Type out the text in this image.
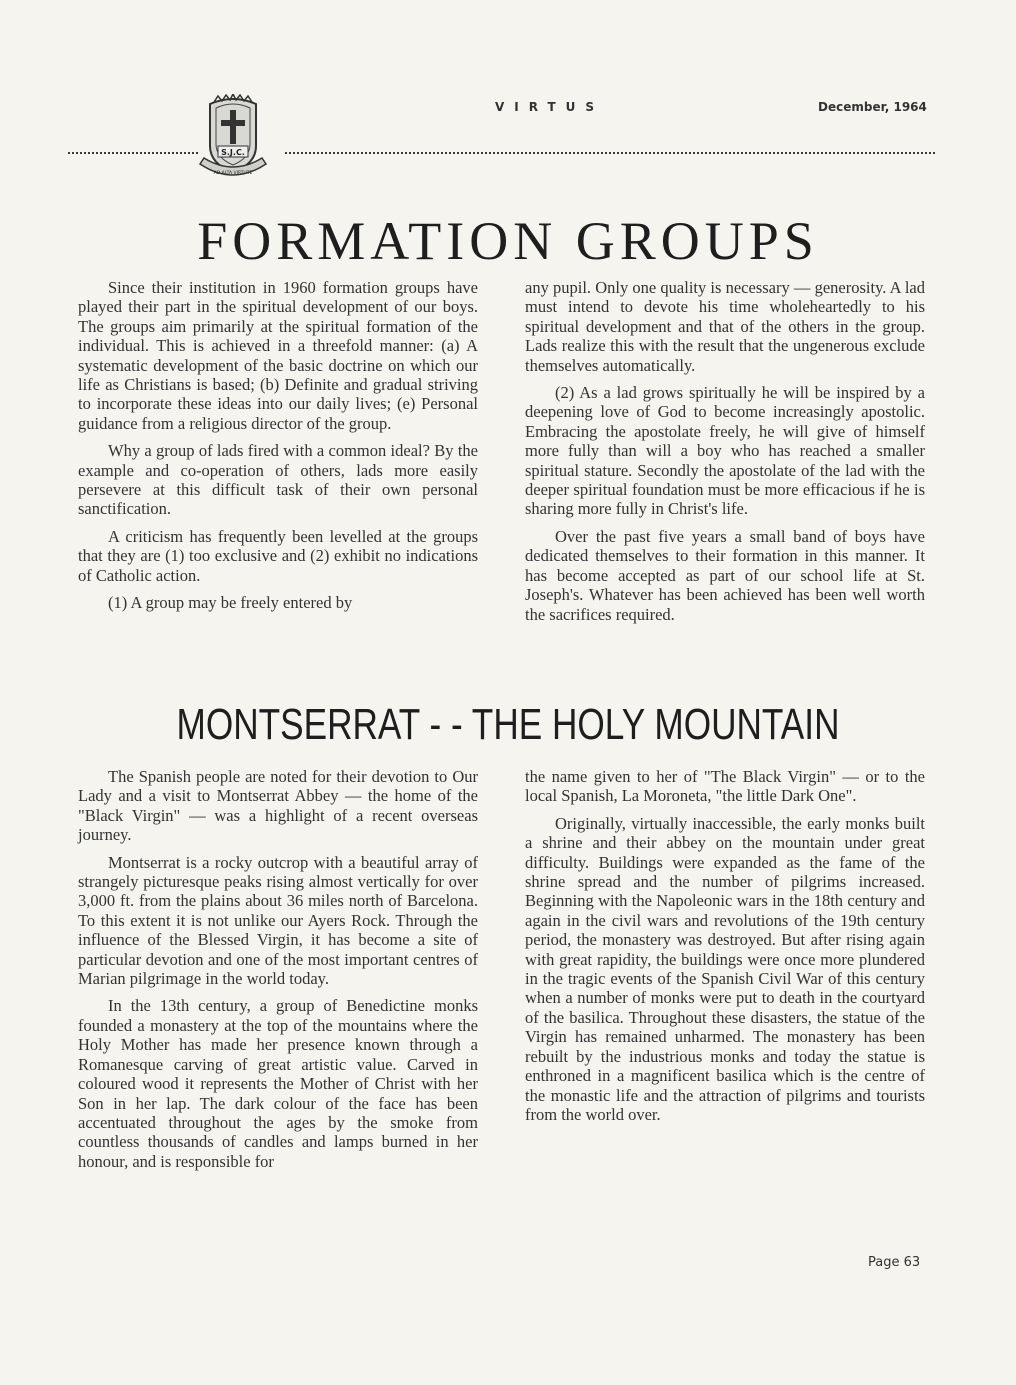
S.J.C.
AD ALTA VIRTUTE
VIRTUS	December, 1964
FORMATION GROUPS

Since their institution in 1960 formation groups have played their part in the spiritual development of our boys. The groups aim primarily at the spiritual formation of the individual. This is achieved in a threefold manner: (a) A systematic development of the basic doctrine on which our life as Christians is based; (b) Definite and gradual striving to incorporate these ideas into our daily lives; (e) Personal guidance from a religious director of the group.

Why a group of lads fired with a common ideal? By the example and co-operation of others, lads more easily persevere at this difficult task of their own personal sanctification.

A criticism has frequently been levelled at the groups that they are (1) too exclusive and (2) exhibit no indications of Catholic action.

(1) A group may be freely entered by

any pupil. Only one quality is necessary — generosity. A lad must intend to devote his time wholeheartedly to his spiritual development and that of the others in the group. Lads realize this with the result that the ungenerous exclude themselves automatically.

(2) As a lad grows spiritually he will be inspired by a deepening love of God to become increasingly apostolic. Embracing the apostolate freely, he will give of himself more fully than will a boy who has reached a smaller spiritual stature. Secondly the apostolate of the lad with the deeper spiritual foundation must be more efficacious if he is sharing more fully in Christ's life.

Over the past five years a small band of boys have dedicated themselves to their formation in this manner. It has become accepted as part of our school life at St. Joseph's. Whatever has been achieved has been well worth the sacrifices required.

MONTSERRAT - - THE HOLY MOUNTAIN

The Spanish people are noted for their devotion to Our Lady and a visit to Montserrat Abbey — the home of the "Black Virgin" — was a highlight of a recent overseas journey.

Montserrat is a rocky outcrop with a beautiful array of strangely picturesque peaks rising almost vertically for over 3,000 ft. from the plains about 36 miles north of Barcelona. To this extent it is not unlike our Ayers Rock. Through the influence of the Blessed Virgin, it has become a site of particular devotion and one of the most important centres of Marian pilgrimage in the world today.

In the 13th century, a group of Benedictine monks founded a monastery at the top of the mountains where the Holy Mother has made her presence known through a Romanesque carving of great artistic value. Carved in coloured wood it represents the Mother of Christ with her Son in her lap. The dark colour of the face has been accentuated throughout the ages by the smoke from countless thousands of candles and lamps burned in her honour, and is responsible for

the name given to her of "The Black Virgin" — or to the local Spanish, La Moroneta, "the little Dark One".

Originally, virtually inaccessible, the early monks built a shrine and their abbey on the mountain under great difficulty. Buildings were expanded as the fame of the shrine spread and the number of pilgrims increased. Beginning with the Napoleonic wars in the 18th century and again in the civil wars and revolutions of the 19th century period, the monastery was destroyed. But after rising again with great rapidity, the buildings were once more plundered in the tragic events of the Spanish Civil War of this century when a number of monks were put to death in the courtyard of the basilica. Throughout these disasters, the statue of the Virgin has remained unharmed. The monastery has been rebuilt by the industrious monks and today the statue is enthroned in a magnificent basilica which is the centre of the monastic life and the attraction of pilgrims and tourists from the world over.

Page 63
